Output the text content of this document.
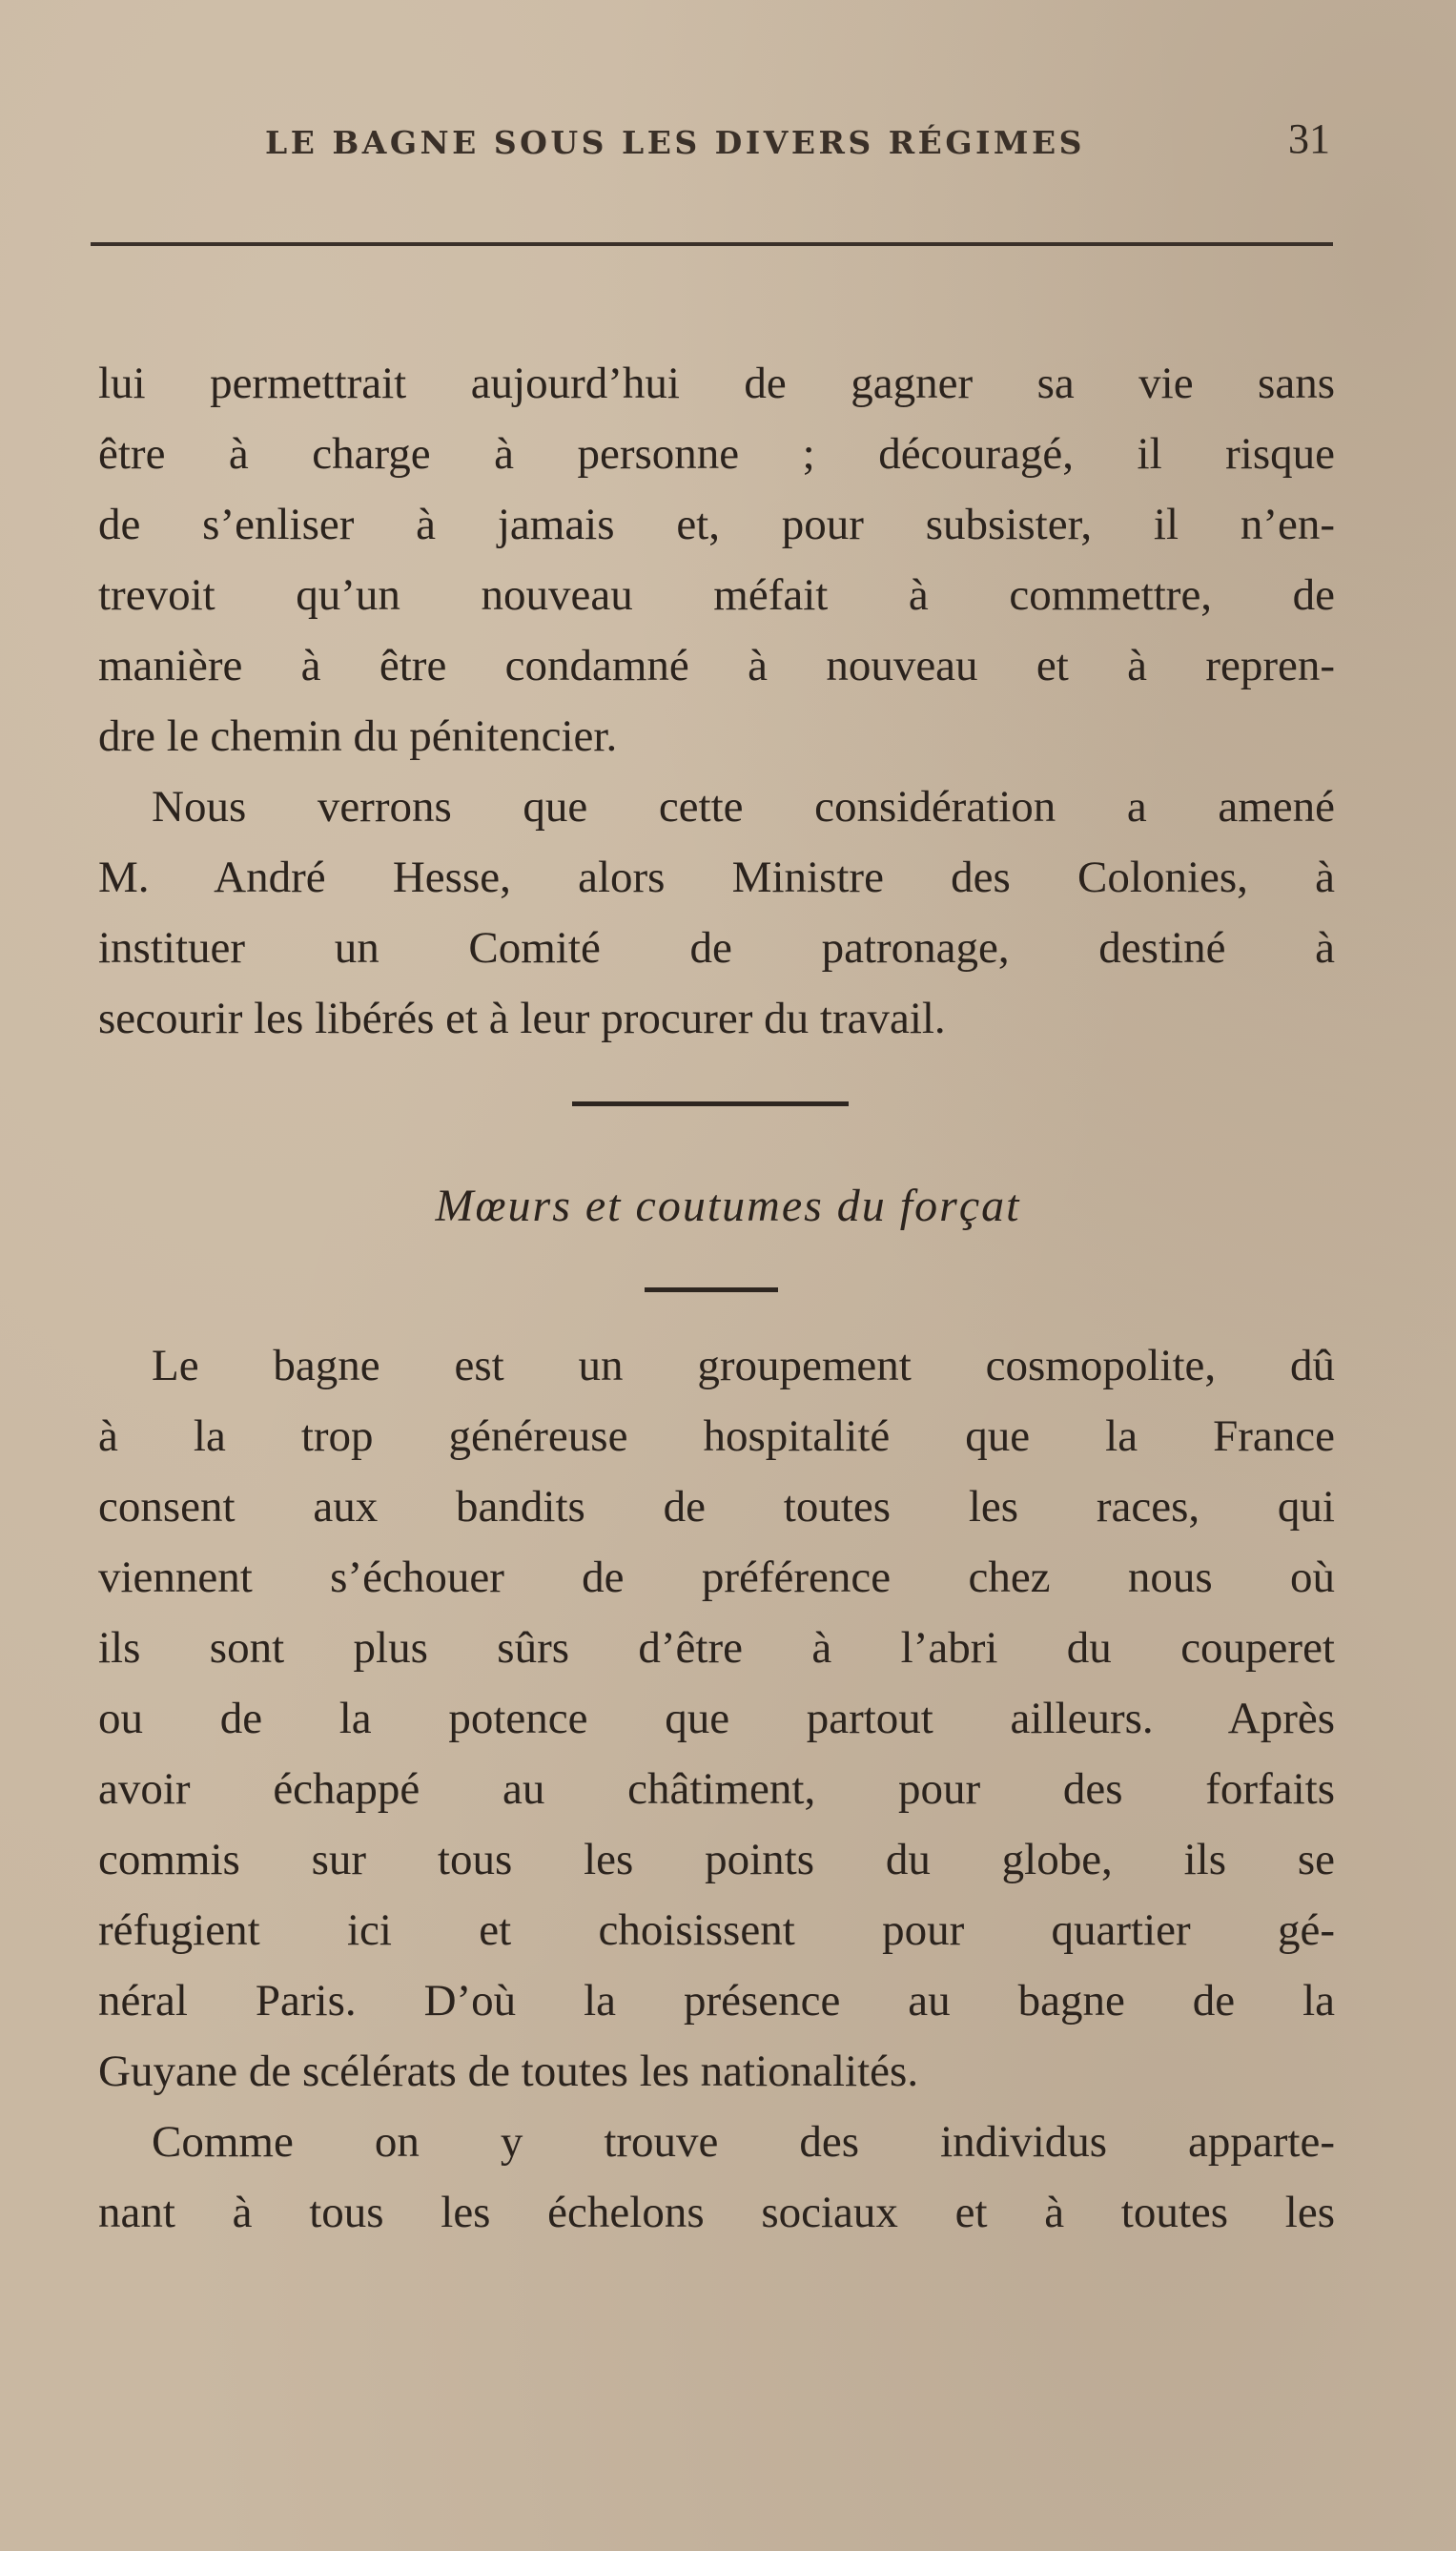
LE BAGNE SOUS LES DIVERS RÉGIMES	31
lui permettrait aujourd’hui de gagner sa vie sans
être à charge à personne ; découragé, il risque
de s’enliser à jamais et, pour subsister, il n’en-
trevoit qu’un nouveau méfait à commettre, de
manière à être condamné à nouveau et à repren-
dre le chemin du pénitencier.
Nous verrons que cette considération a amené
M. André Hesse, alors Ministre des Colonies, à
instituer un Comité de patronage, destiné à
secourir les libérés et à leur procurer du travail.
Mœurs et coutumes du forçat
Le bagne est un groupement cosmopolite, dû
à la trop généreuse hospitalité que la France
consent aux bandits de toutes les races, qui
viennent s’échouer de préférence chez nous où
ils sont plus sûrs d’être à l’abri du couperet
ou de la potence que partout ailleurs. Après
avoir échappé au châtiment, pour des forfaits
commis sur tous les points du globe, ils se
réfugient ici et choisissent pour quartier gé-
néral Paris. D’où la présence au bagne de la
Guyane de scélérats de toutes les nationalités.
Comme on y trouve des individus apparte-
nant à tous les échelons sociaux et à toutes les
